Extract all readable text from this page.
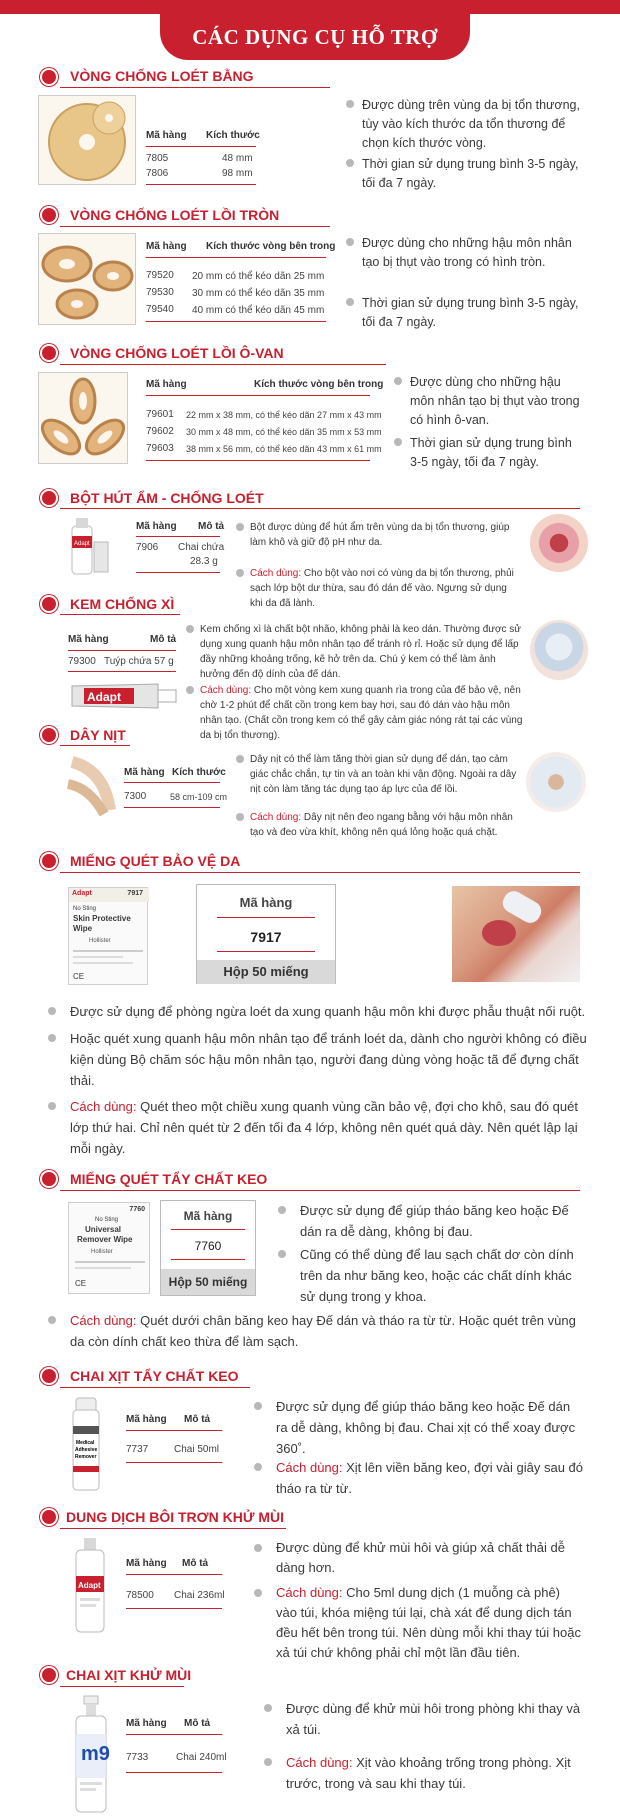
CÁC DỤNG CỤ HỖ TRỢ
VÒNG CHỐNG LOÉT BẰNG
Mã hàng Kích thước
7805	48 mm
7806	98 mm
Được dùng trên vùng da bị tổn thương, tùy vào kích thước da tổn thương để chọn kích thước vòng.
Thời gian sử dụng trung bình 3-5 ngày, tối đa 7 ngày.
VÒNG CHỐNG LOÉT LỒI TRÒN
Mã hàng Kích thước vòng bên trong
79520 20 mm có thể kéo dãn 25 mm
79530 30 mm có thể kéo dãn 35 mm
79540 40 mm có thể kéo dãn 45 mm
Được dùng cho những hậu môn nhân tạo bị thụt vào trong có hình tròn.
Thời gian sử dụng trung bình 3-5 ngày, tối đa 7 ngày.
VÒNG CHỐNG LOÉT LỒI Ô-VAN
Mã hàng	Kích thước vòng bên trong
79601 22 mm x 38 mm, có thể kéo dãn 27 mm x 43 mm
79602 30 mm x 48 mm, có thể kéo dãn 35 mm x 53 mm
79603 38 mm x 56 mm, có thể kéo dãn 43 mm x 61 mm
Được dùng cho những hậu môn nhân tạo bị thụt vào trong có hình ô-van.
Thời gian sử dụng trung bình 3-5 ngày, tối đa 7 ngày.
BỘT HÚT ẨM - CHỐNG LOÉT
Adapt
Mã hàng Mô tả
7906 Chai chứa
28.3 g
Bột được dùng để hút ẩm trên vùng da bị tổn thương, giúp làm khô và giữ độ pH như da.
Cách dùng: Cho bột vào nơi có vùng da bị tổn thương, phủi sạch lớp bột dư thừa, sau đó dán đế vào. Ngưng sử dụng khi da đã lành.
KEM CHỐNG XÌ
Mã hàng	Mô tả
79300 Tuýp chứa 57 g
Adapt
Kem chống xì là chất bột nhão, không phải là keo dán. Thường được sử dụng xung quanh hậu môn nhân tạo để tránh rò rỉ. Hoặc sử dụng để lấp đầy những khoảng trống, kẽ hở trên da. Chú ý kem có thể làm ảnh hưởng đến độ dính của đế dán.
Cách dùng: Cho một vòng kem xung quanh rìa trong của đế bảo vệ, nên chờ 1-2 phút để chất cồn trong kem bay hơi, sau đó dán vào hậu môn nhân tạo. (Chất cồn trong kem có thể gây cảm giác nóng rát tại các vùng da bị tổn thương).
DÂY NỊT
Mã hàng Kích thước
7300	58 cm-109 cm
Dây nịt có thể làm tăng thời gian sử dụng để dán, tạo cảm giác chắc chắn, tự tin và an toàn khi vận động. Ngoài ra dây nịt còn làm tăng tác dụng tạo áp lực của đế lồi.
Cách dùng: Dây nịt nên đeo ngang bằng với hậu môn nhân tạo và đeo vừa khít, không nên quá lỏng hoặc quá chặt.
MIẾNG QUÉT BẢO VỆ DA
Adapt	7917
No Sting
Skin Protective
Wipe
Hollister
CE
Mã hàng
7917
Hộp 50 miếng
Được sử dụng để phòng ngừa loét da xung quanh hậu môn khi được phẫu thuật nối ruột.
Hoặc quét xung quanh hậu môn nhân tạo để tránh loét da, dành cho người không có điều kiện dùng Bộ chăm sóc hậu môn nhân tạo, người đang dùng vòng hoặc tã để đựng chất thải.
Cách dùng: Quét theo một chiều xung quanh vùng cần bảo vệ, đợi cho khô, sau đó quét lớp thứ hai. Chỉ nên quét từ 2 đến tối đa 4 lớp, không nên quét quá dày. Nên quét lập lại mỗi ngày.
MIẾNG QUÉT TẨY CHẤT KEO
7760
No Sting
Universal
Remover Wipe
Hollister
CE
Mã hàng
7760
Hộp 50 miếng
Được sử dụng để giúp tháo băng keo hoặc Đế dán ra dễ dàng, không bị đau.
Cũng có thể dùng để lau sạch chất dơ còn dính trên da như băng keo, hoặc các chất dính khác sử dụng trong y khoa.
Cách dùng: Quét dưới chân băng keo hay Đế dán và tháo ra từ từ. Hoặc quét trên vùng da còn dính chất keo thừa để làm sạch.
CHAI XỊT TẨY CHẤT KEO
Medical
Adhesive
Remover
Mã hàng Mô tả
7737	Chai 50ml
Được sử dụng để giúp tháo băng keo hoặc Đế dán ra dễ dàng, không bị đau. Chai xịt có thể xoay được 360˚.
Cách dùng: Xịt lên viền băng keo, đợi vài giây sau đó tháo ra từ từ.
DUNG DỊCH BÔI TRƠN KHỬ MÙI
Adapt
Mã hàng Mô tả
78500 Chai 236ml
Được dùng để khử mùi hôi và giúp xả chất thải dễ dàng hơn.
Cách dùng: Cho 5ml dung dịch (1 muỗng cà phê) vào túi, khóa miệng túi lại, chà xát để dung dịch tán đều hết bên trong túi. Nên dùng mỗi khi thay túi hoặc xả túi chứ không phải chỉ một lần đầu tiên.
CHAI XỊT KHỬ MÙI
m9
Mã hàng Mô tả
7733	Chai 240ml
Được dùng để khử mùi hôi trong phòng khi thay và xả túi.
Cách dùng: Xịt vào khoảng trống trong phòng. Xịt trước, trong và sau khi thay túi.
